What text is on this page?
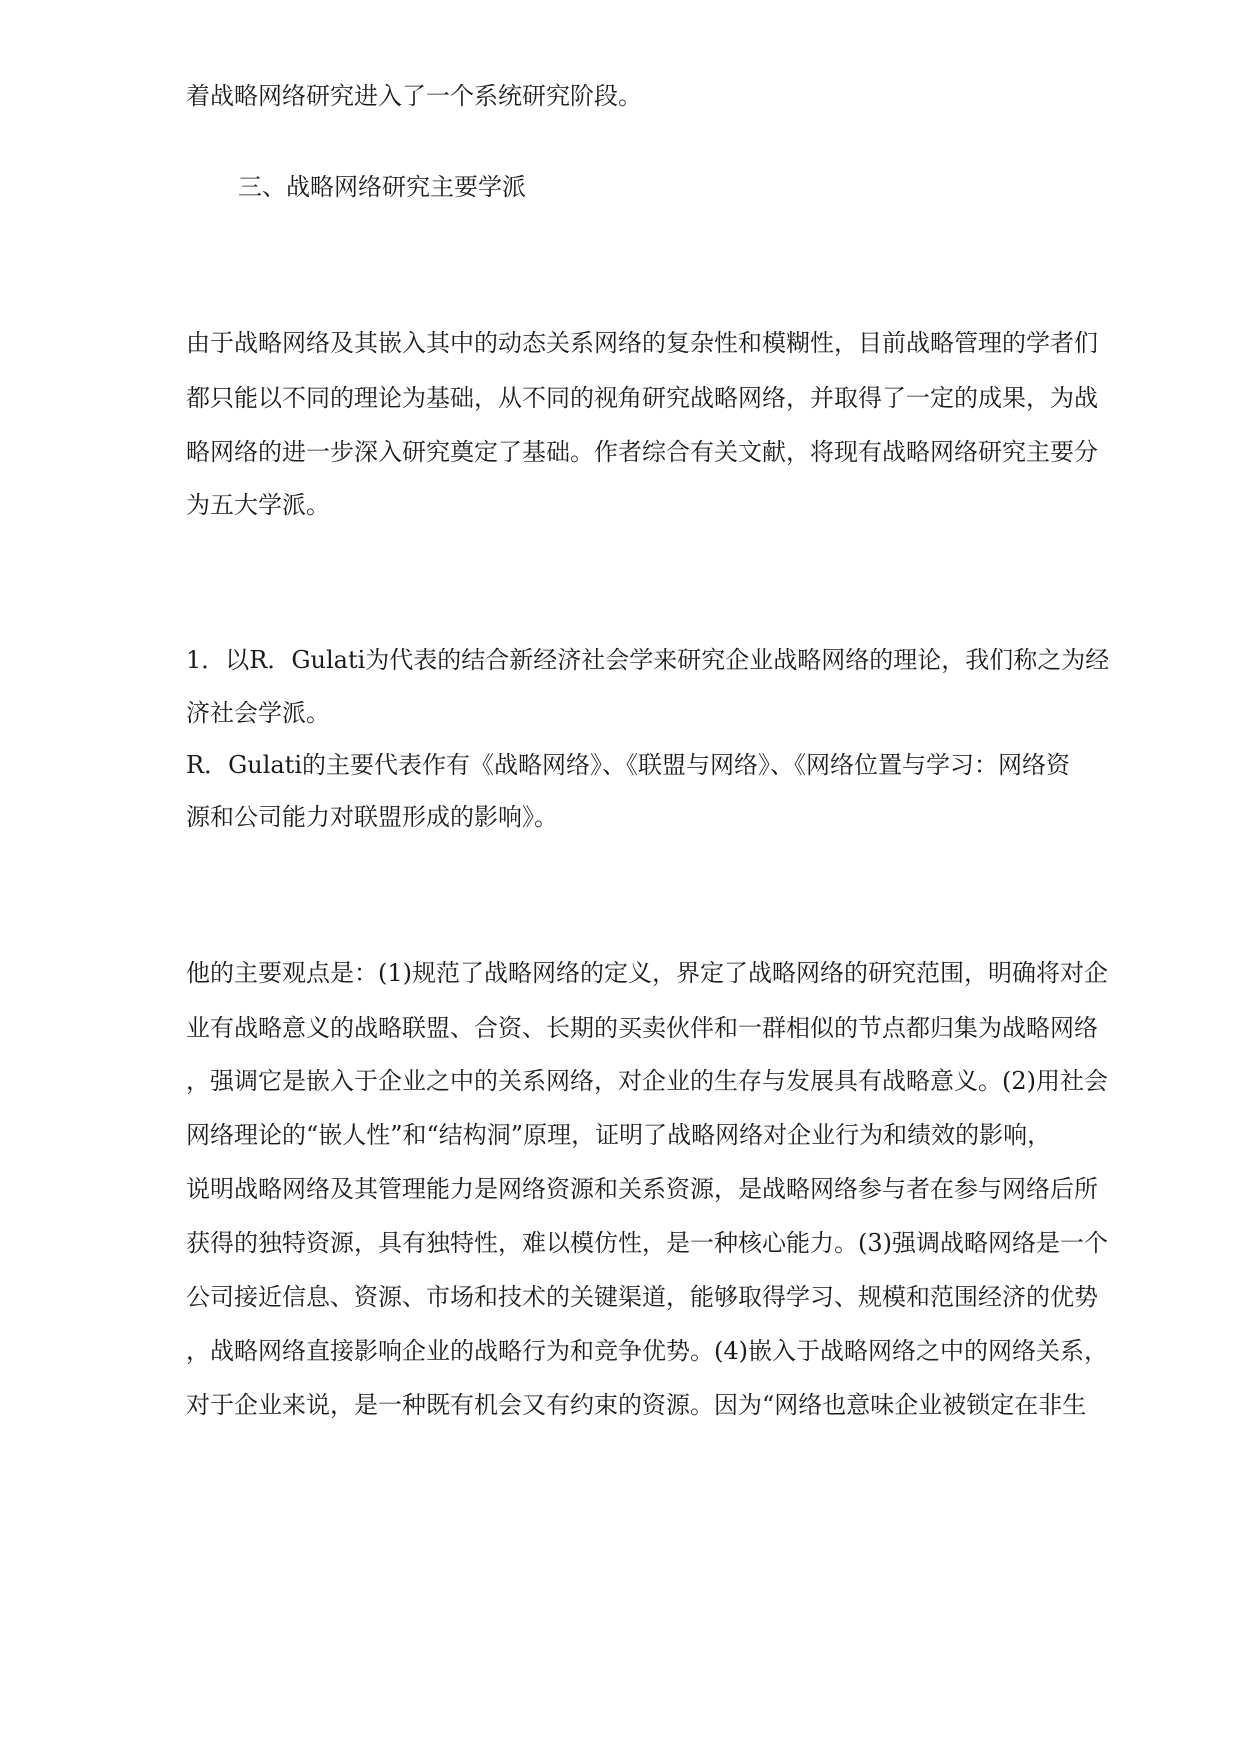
着战略网络研究进入了一个系统研究阶段。
三、战略网络研究主要学派
由于战略网络及其嵌入其中的动态关系网络的复杂性和模糊性，目前战略管理的学者们
都只能以不同的理论为基础，从不同的视角研究战略网络，并取得了一定的成果，为战
略网络的进一步深入研究奠定了基础。作者综合有关文献，将现有战略网络研究主要分
为五大学派。
1．以R．Gulati为代表的结合新经济社会学来研究企业战略网络的理论，我们称之为经
济社会学派。
R．Gulati的主要代表作有《战略网络》、《联盟与网络》、《网络位置与学习：网络资
源和公司能力对联盟形成的影响》。
他的主要观点是：(1)规范了战略网络的定义，界定了战略网络的研究范围，明确将对企
业有战略意义的战略联盟、合资、长期的买卖伙伴和一群相似的节点都归集为战略网络
，强调它是嵌入于企业之中的关系网络，对企业的生存与发展具有战略意义。(2)用社会
网络理论的“嵌人性”和“结构洞”原理，证明了战略网络对企业行为和绩效的影响，
说明战略网络及其管理能力是网络资源和关系资源，是战略网络参与者在参与网络后所
获得的独特资源，具有独特性，难以模仿性，是一种核心能力。(3)强调战略网络是一个
公司接近信息、资源、市场和技术的关键渠道，能够取得学习、规模和范围经济的优势
，战略网络直接影响企业的战略行为和竞争优势。(4)嵌入于战略网络之中的网络关系，
对于企业来说，是一种既有机会又有约束的资源。因为“网络也意味企业被锁定在非生
